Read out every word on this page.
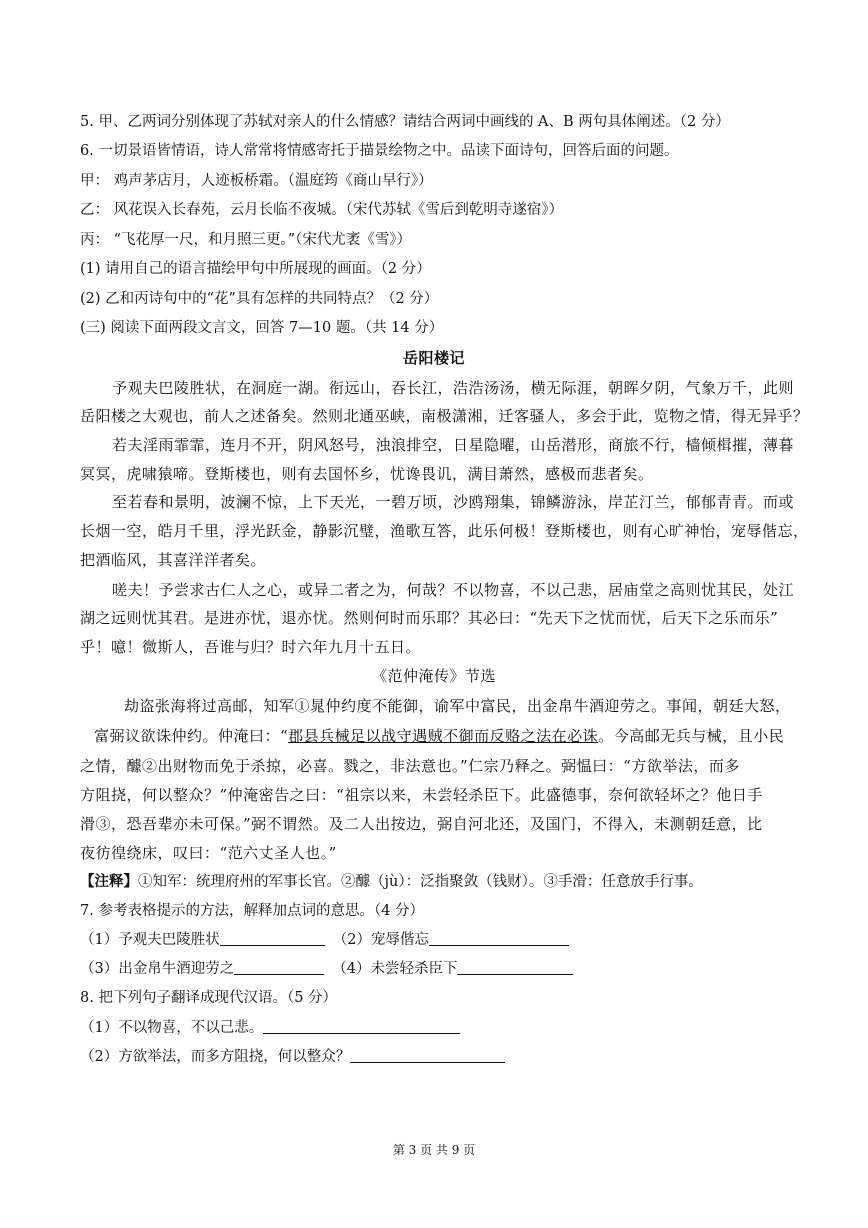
5. 甲、乙两词分别体现了苏轼对亲人的什么情感？请结合两词中画线的 A、B 两句具体阐述。（2 分）
6. 一切景语皆情语，诗人常常将情感寄托于描景绘物之中。品读下面诗句，回答后面的问题。
甲： 鸡声茅店月，人迹板桥霜。（温庭筠《商山早行》）
乙： 风花误入长春苑，云月长临不夜城。（宋代苏轼《雪后到乾明寺遂宿》）
丙： “飞花厚一尺，和月照三更。”（宋代尤袤《雪》）
(1) 请用自己的语言描绘甲句中所展现的画面。（2 分）
(2) 乙和丙诗句中的“花”具有怎样的共同特点？（2 分）
(三) 阅读下面两段文言文，回答 7—10 题。（共 14 分）
岳阳楼记
予观夫巴陵胜状，在洞庭一湖。衔远山，吞长江，浩浩汤汤，横无际涯，朝晖夕阴，气象万千，此则
岳阳楼之大观也，前人之述备矣。然则北通巫峡，南极潇湘，迁客骚人，多会于此，览物之情，得无异乎？
若夫淫雨霏霏，连月不开，阴风怒号，浊浪排空，日星隐曜，山岳潜形，商旅不行，樯倾楫摧，薄暮
冥冥，虎啸猿啼。登斯楼也，则有去国怀乡，忧谗畏讥，满目萧然，感极而悲者矣。
至若春和景明，波澜不惊，上下天光，一碧万顷，沙鸥翔集，锦鳞游泳，岸芷汀兰，郁郁青青。而或
长烟一空，皓月千里，浮光跃金，静影沉璧，渔歌互答，此乐何极！登斯楼也，则有心旷神怡，宠辱偕忘，
把酒临风，其喜洋洋者矣。
嗟夫！予尝求古仁人之心，或异二者之为，何哉？不以物喜，不以己悲，居庙堂之高则忧其民，处江
湖之远则忧其君。是进亦忧，退亦忧。然则何时而乐耶？其必曰：“先天下之忧而忧，后天下之乐而乐”
乎！噫！微斯人，吾谁与归？时六年九月十五日。
《范仲淹传》节选
劫盗张海将过高邮，知军①晁仲约度不能御，谕军中富民，出金帛牛酒迎劳之。事闻，朝廷大怒，
富弼议欲诛仲约。仲淹曰：“郡县兵械足以战守遇贼不御而反赂之法在必诛。今高邮无兵与械，且小民
之情，醵②出财物而免于杀掠，必喜。戮之，非法意也。”仁宗乃释之。弼愠曰：“方欲举法，而多
方阻挠，何以整众？”仲淹密告之曰：“祖宗以来，未尝轻杀臣下。此盛德事，奈何欲轻坏之？他日手
滑③，恐吾辈亦未可保。”弼不谓然。及二人出按边，弼自河北还，及国门，不得入，未测朝廷意，比
夜彷徨绕床，叹曰：“范六丈圣人也。”
【注释】①知军：统理府州的军事长官。②醵（jù）：泛指聚敛（钱财）。③手滑：任意放手行事。
7. 参考表格提示的方法，解释加点词的意思。（4 分）
（1）予观夫巴陵胜状	（2）宠辱偕忘
（3）出金帛牛酒迎劳之	（4）未尝轻杀臣下
8. 把下列句子翻译成现代汉语。（5 分）
（1）不以物喜，不以己悲。
（2）方欲举法，而多方阻挠，何以整众？
第 3 页 共 9 页
